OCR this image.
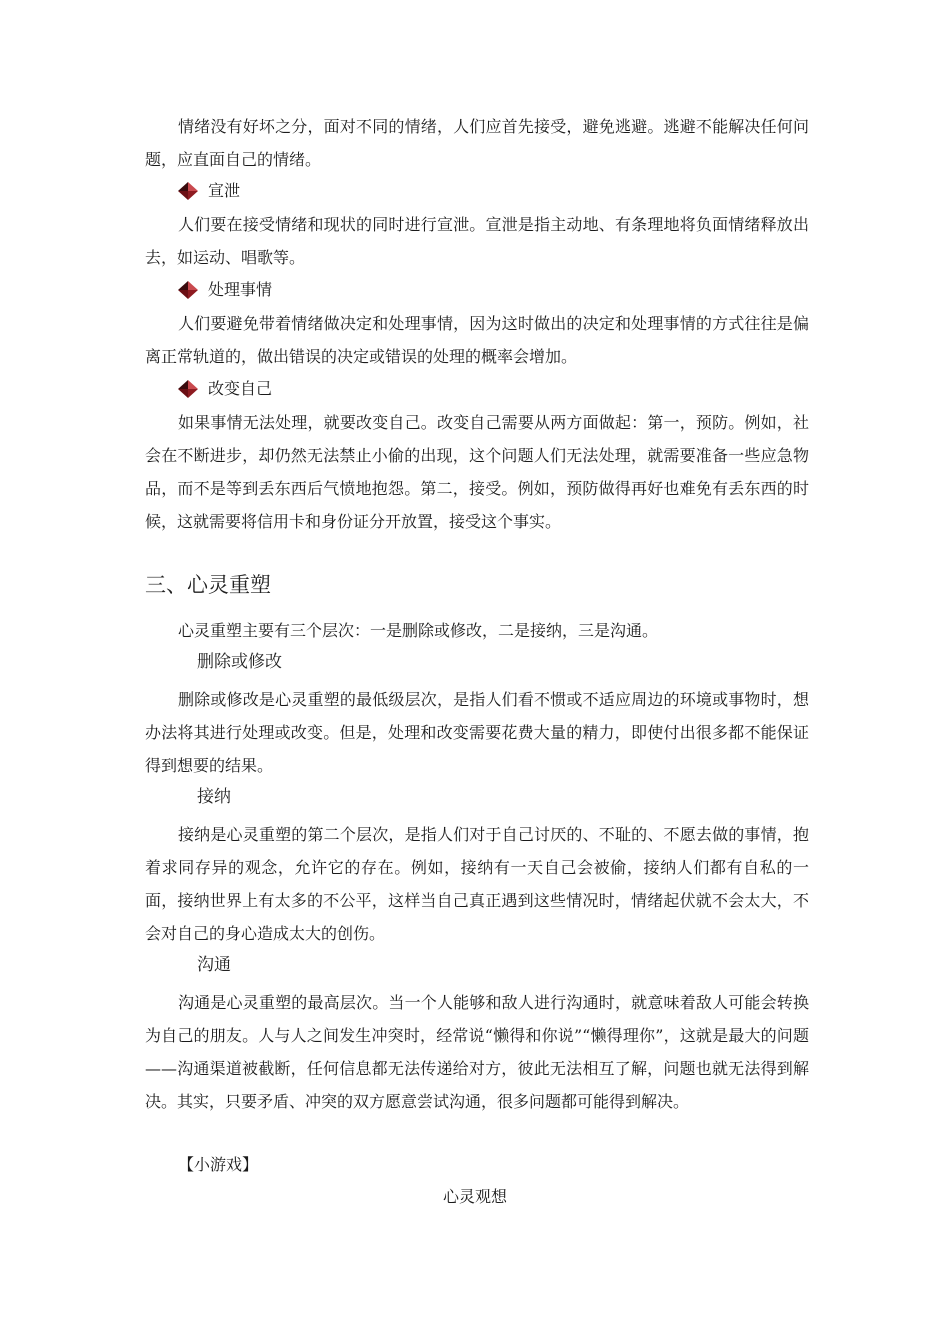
情绪没有好坏之分，面对不同的情绪，人们应首先接受，避免逃避。逃避不能解决任何问题，应直面自己的情绪。

宣泄

人们要在接受情绪和现状的同时进行宣泄。宣泄是指主动地、有条理地将负面情绪释放出去，如运动、唱歌等。

处理事情

人们要避免带着情绪做决定和处理事情，因为这时做出的决定和处理事情的方式往往是偏离正常轨道的，做出错误的决定或错误的处理的概率会增加。

改变自己

如果事情无法处理，就要改变自己。改变自己需要从两方面做起：第一，预防。例如，社会在不断进步，却仍然无法禁止小偷的出现，这个问题人们无法处理，就需要准备一些应急物品，而不是等到丢东西后气愤地抱怨。第二，接受。例如，预防做得再好也难免有丢东西的时候，这就需要将信用卡和身份证分开放置，接受这个事实。

三、心灵重塑

心灵重塑主要有三个层次：一是删除或修改，二是接纳，三是沟通。

删除或修改

删除或修改是心灵重塑的最低级层次，是指人们看不惯或不适应周边的环境或事物时，想办法将其进行处理或改变。但是，处理和改变需要花费大量的精力，即使付出很多都不能保证得到想要的结果。

接纳

接纳是心灵重塑的第二个层次，是指人们对于自己讨厌的、不耻的、不愿去做的事情，抱着求同存异的观念，允许它的存在。例如，接纳有一天自己会被偷，接纳人们都有自私的一面，接纳世界上有太多的不公平，这样当自己真正遇到这些情况时，情绪起伏就不会太大，不会对自己的身心造成太大的创伤。

沟通

沟通是心灵重塑的最高层次。当一个人能够和敌人进行沟通时，就意味着敌人可能会转换为自己的朋友。人与人之间发生冲突时，经常说“懒得和你说”“懒得理你”，这就是最大的问题——沟通渠道被截断，任何信息都无法传递给对方，彼此无法相互了解，问题也就无法得到解决。其实，只要矛盾、冲突的双方愿意尝试沟通，很多问题都可能得到解决。

【小游戏】
心灵观想
